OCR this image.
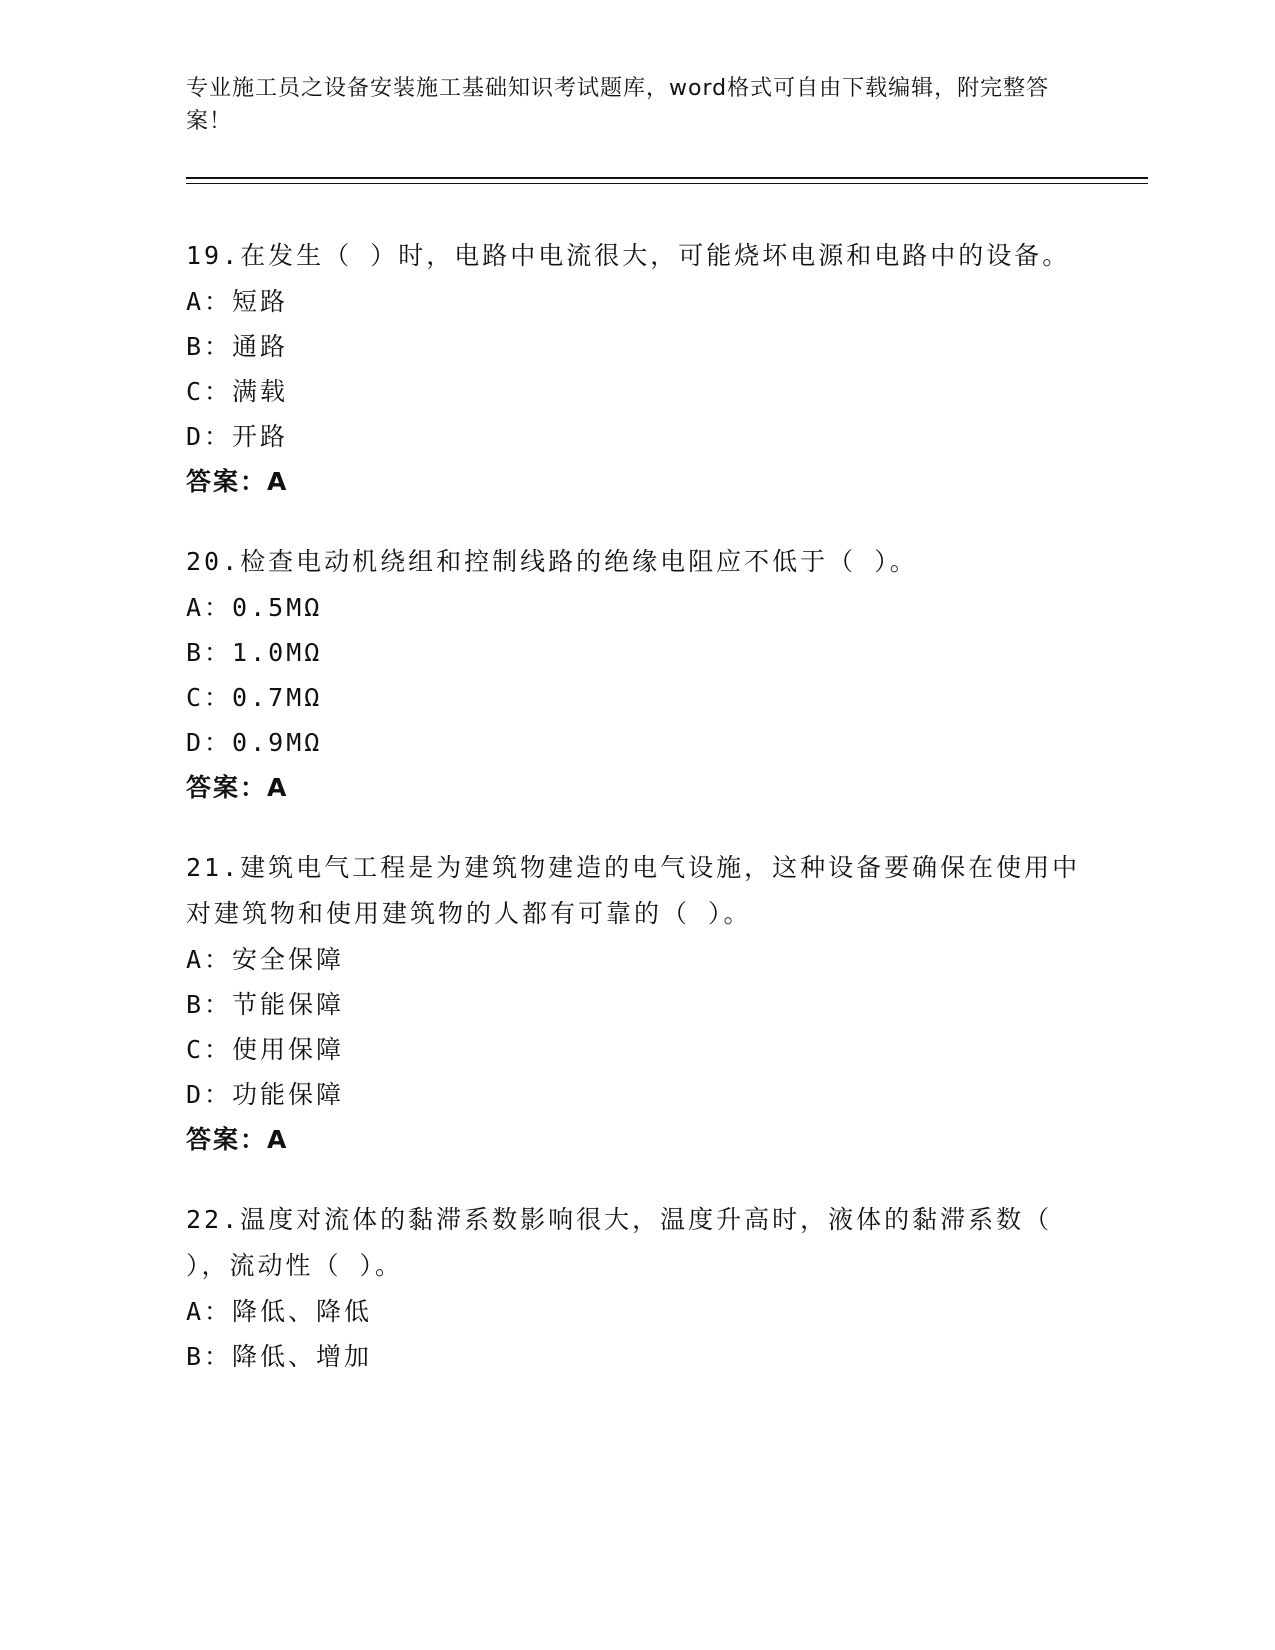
专业施工员之设备安装施工基础知识考试题库，word格式可自由下载编辑，附完整答案！

19.在发生（ ）时，电路中电流很大，可能烧坏电源和电路中的设备。

A：短路
B：通路
C：满载
D：开路
答案：A

20.检查电动机绕组和控制线路的绝缘电阻应不低于（ ）。

A：0.5MΩ
B：1.0MΩ
C：0.7MΩ
D：0.9MΩ
答案：A

21.建筑电气工程是为建筑物建造的电气设施，这种设备要确保在使用中对建筑物和使用建筑物的人都有可靠的（ ）。

A：安全保障
B：节能保障
C：使用保障
D：功能保障
答案：A

22.温度对流体的黏滞系数影响很大，温度升高时，液体的黏滞系数（ ），流动性（ ）。

A：降低、降低
B：降低、增加
